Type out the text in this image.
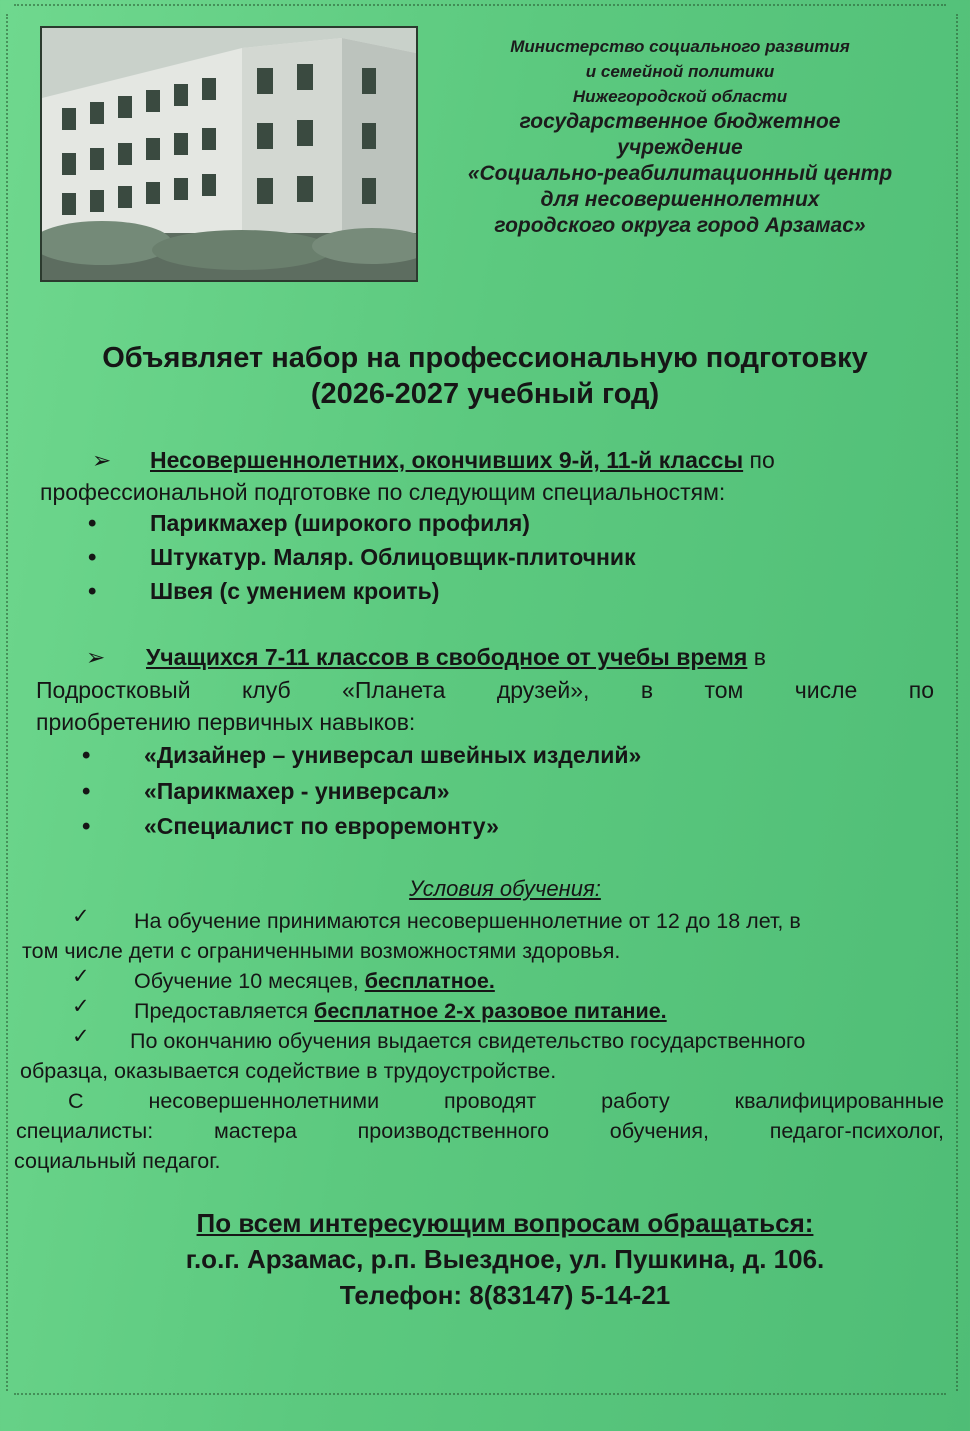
Министерство социального развития
и семейной политики
Нижегородской области
государственное бюджетное
учреждение
«Социально-реабилитационный центр
для несовершеннолетних
городского округа город Арзамас»
Объявляет набор на профессиональную подготовку
(2026-2027 учебный год)
➢ Несовершеннолетних, окончивших 9-й, 11-й классы по
профессиональной подготовке по следующим специальностям:
• Парикмахер (широкого профиля)
• Штукатур. Маляр. Облицовщик-плиточник
• Швея (с умением кроить)
➢ Учащихся 7-11 классов в свободное от учебы время в
Подростковый клуб «Планета друзей», в том числе по
приобретению первичных навыков:
• «Дизайнер – универсал швейных изделий»
• «Парикмахер - универсал»
• «Специалист по евроремонту»
Условия обучения:
✓ На обучение принимаются несовершеннолетние от 12 до 18 лет, в
том числе дети с ограниченными возможностями здоровья.
✓ Обучение 10 месяцев, бесплатное.
✓ Предоставляется бесплатное 2-х разовое питание.
✓ По окончанию обучения выдается свидетельство государственного
образца, оказывается содействие в трудоустройстве.
С несовершеннолетними проводят работу квалифицированные
специалисты: мастера производственного обучения, педагог-психолог,
социальный педагог.
По всем интересующим вопросам обращаться:
г.о.г. Арзамас, р.п. Выездное, ул. Пушкина, д. 106.
Телефон: 8(83147) 5-14-21
